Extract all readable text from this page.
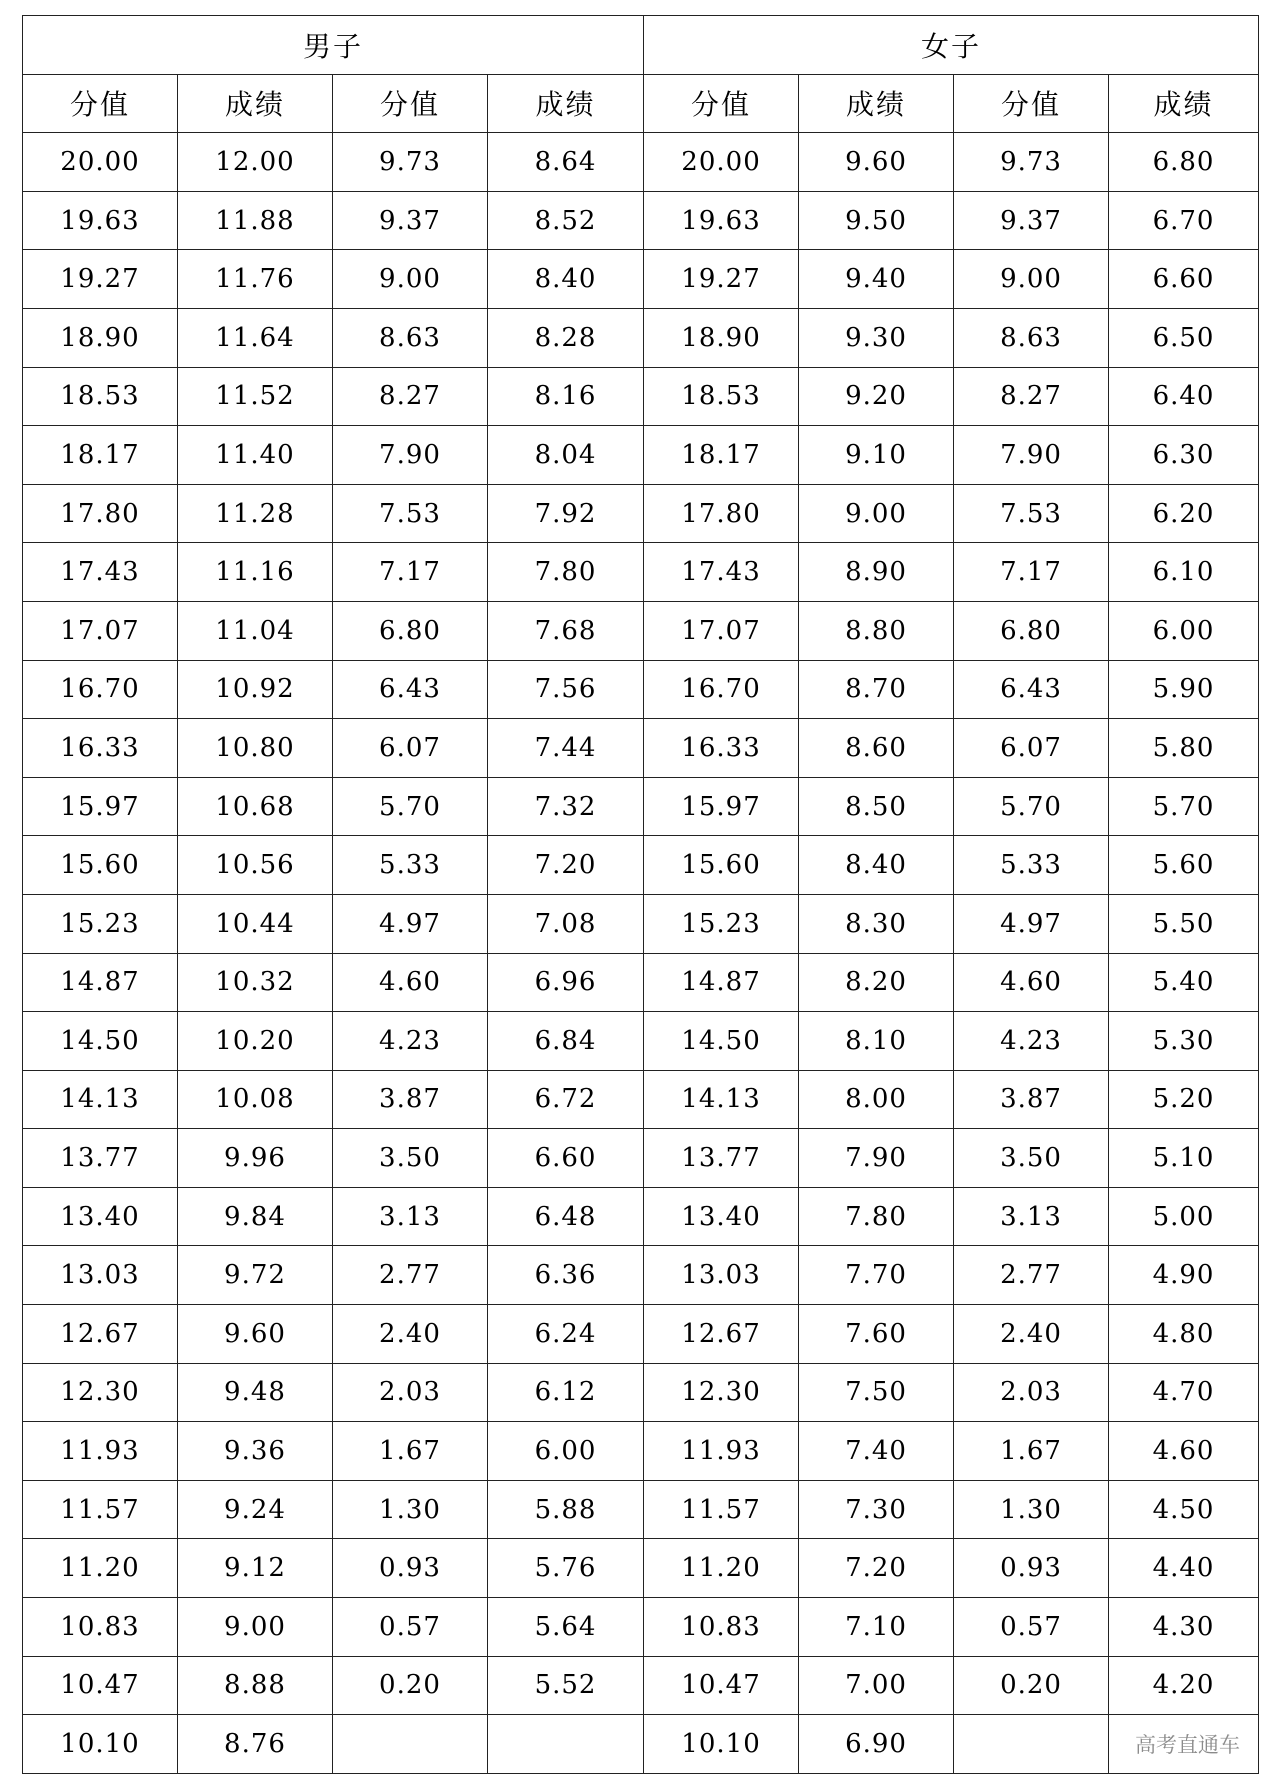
男子				女子			
分值	成绩	分值	成绩	分值	成绩	分值	成绩
20.00	12.00	9.73	8.64	20.00	9.60	9.73	6.80
19.63	11.88	9.37	8.52	19.63	9.50	9.37	6.70
19.27	11.76	9.00	8.40	19.27	9.40	9.00	6.60
18.90	11.64	8.63	8.28	18.90	9.30	8.63	6.50
18.53	11.52	8.27	8.16	18.53	9.20	8.27	6.40
18.17	11.40	7.90	8.04	18.17	9.10	7.90	6.30
17.80	11.28	7.53	7.92	17.80	9.00	7.53	6.20
17.43	11.16	7.17	7.80	17.43	8.90	7.17	6.10
17.07	11.04	6.80	7.68	17.07	8.80	6.80	6.00
16.70	10.92	6.43	7.56	16.70	8.70	6.43	5.90
16.33	10.80	6.07	7.44	16.33	8.60	6.07	5.80
15.97	10.68	5.70	7.32	15.97	8.50	5.70	5.70
15.60	10.56	5.33	7.20	15.60	8.40	5.33	5.60
15.23	10.44	4.97	7.08	15.23	8.30	4.97	5.50
14.87	10.32	4.60	6.96	14.87	8.20	4.60	5.40
14.50	10.20	4.23	6.84	14.50	8.10	4.23	5.30
14.13	10.08	3.87	6.72	14.13	8.00	3.87	5.20
13.77	9.96	3.50	6.60	13.77	7.90	3.50	5.10
13.40	9.84	3.13	6.48	13.40	7.80	3.13	5.00
13.03	9.72	2.77	6.36	13.03	7.70	2.77	4.90
12.67	9.60	2.40	6.24	12.67	7.60	2.40	4.80
12.30	9.48	2.03	6.12	12.30	7.50	2.03	4.70
11.93	9.36	1.67	6.00	11.93	7.40	1.67	4.60
11.57	9.24	1.30	5.88	11.57	7.30	1.30	4.50
11.20	9.12	0.93	5.76	11.20	7.20	0.93	4.40
10.83	9.00	0.57	5.64	10.83	7.10	0.57	4.30
10.47	8.88	0.20	5.52	10.47	7.00	0.20	4.20
10.10	8.76			10.10	6.90		高考直通车
